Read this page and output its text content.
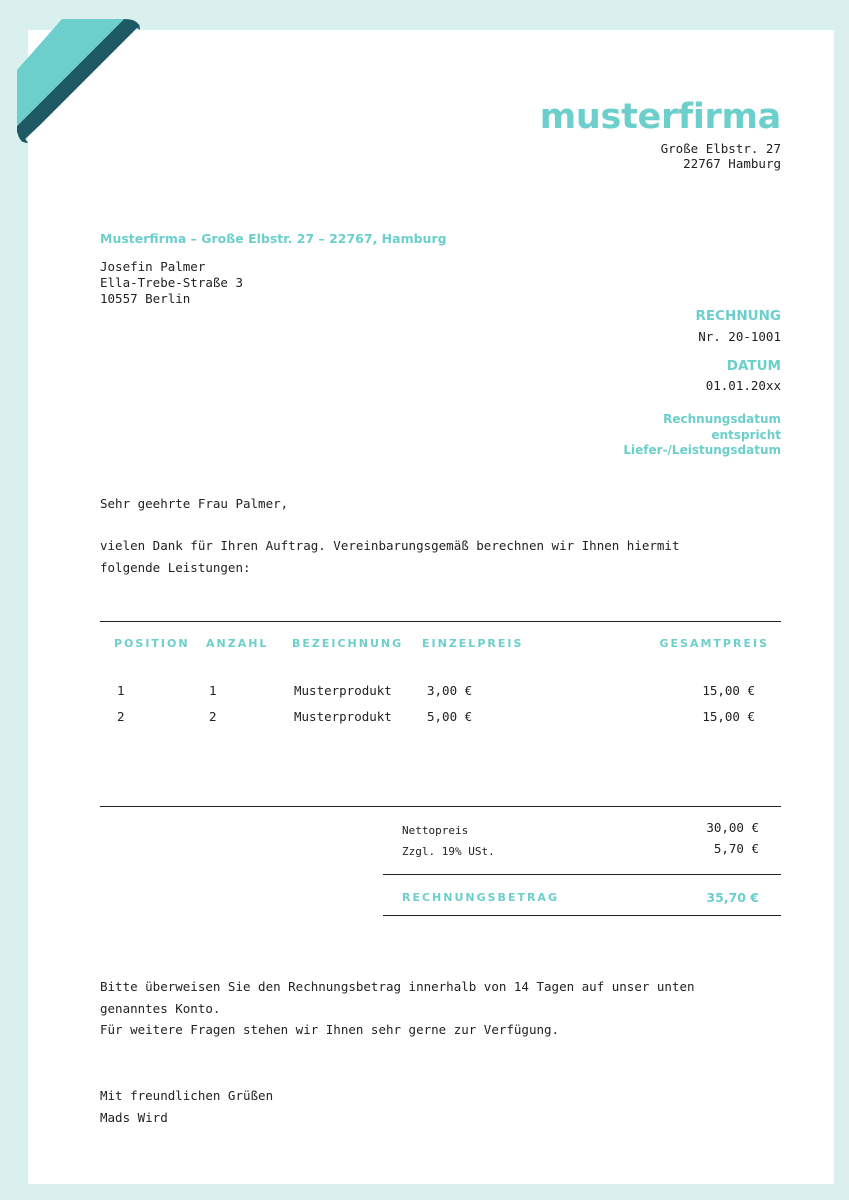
musterfirma
Große Elbstr. 27
22767 Hamburg
Musterfirma – Große Elbstr. 27 – 22767, Hamburg
Josefin Palmer
Ella-Trebe-Straße 3
10557 Berlin
RECHNUNG
Nr. 20-1001
DATUM
01.01.20xx
Rechnungsdatum
entspricht
Liefer-/Leistungsdatum
Sehr geehrte Frau Palmer,
vielen Dank für Ihren Auftrag. Vereinbarungsgemäß berechnen wir Ihnen hiermit
folgende Leistungen:
POSITION ANZAHL BEZEICHNUNG EINZELPREIS	GESAMTPREIS
1	1	Musterprodukt	3,00 €	15,00 €
2	2	Musterprodukt	5,00 €	15,00 €
Nettopreis	30,00 €
Zzgl. 19% USt.	5,70 €
RECHNUNGSBETRAG	35,70 €
Bitte überweisen Sie den Rechnungsbetrag innerhalb von 14 Tagen auf unser unten
genanntes Konto.
Für weitere Fragen stehen wir Ihnen sehr gerne zur Verfügung.
Mit freundlichen Grüßen
Mads Wird
